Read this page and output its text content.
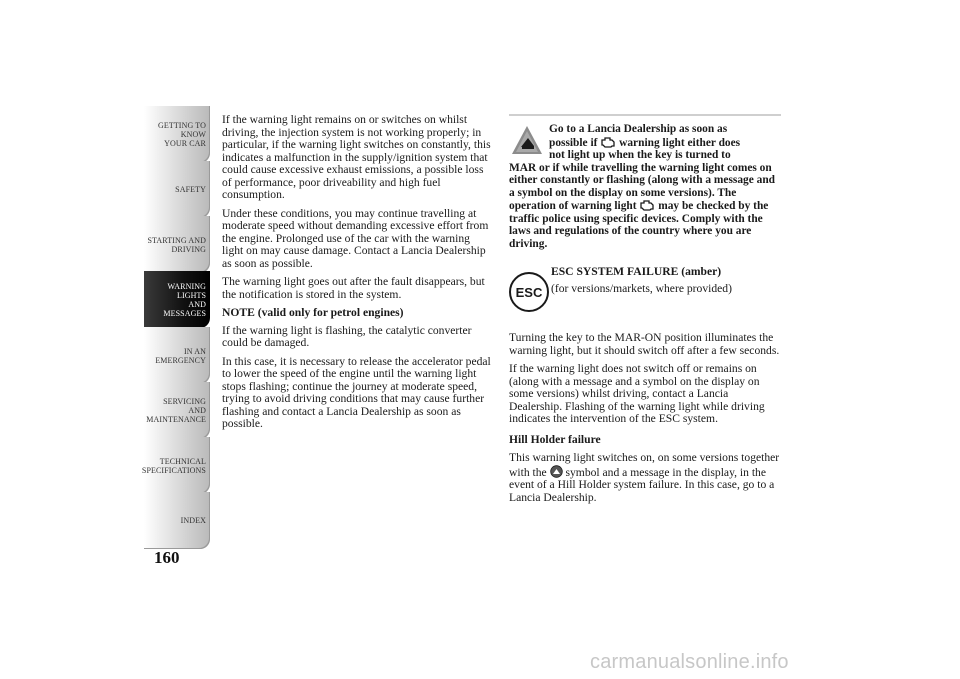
GETTING TO KNOW
YOUR CAR
SAFETY
STARTING AND
DRIVING
WARNING LIGHTS
AND MESSAGES
IN AN EMERGENCY
SERVICING AND
MAINTENANCE
TECHNICAL
SPECIFICATIONS
INDEX
160

If the warning light remains on or switches on whilst driving, the injection system is not working properly; in particular, if the warning light switches on constantly, this indicates a malfunction in the supply/ignition system that could cause excessive exhaust emissions, a possible loss of performance, poor driveability and high fuel consumption.

Under these conditions, you may continue travelling at moderate speed without demanding excessive effort from the engine. Prolonged use of the car with the warning light on may cause damage. Contact a Lancia Dealership as soon as possible.

The warning light goes out after the fault disappears, but the notification is stored in the system.

NOTE (valid only for petrol engines)

If the warning light is flashing, the catalytic converter could be damaged.

In this case, it is necessary to release the accelerator pedal to lower the speed of the engine until the warning light stops flashing; continue the journey at moderate speed, trying to avoid driving conditions that may cause further flashing and contact a Lancia Dealership as soon as possible.

Go to a Lancia Dealership as soon as
possible if warning light either does
not light up when the key is turned to
MAR or if while travelling the warning light comes on either constantly or flashing (along with a message and a symbol on the display on some versions). The operation of warning light may be checked by the traffic police using specific devices. Comply with the laws and regulations of the country where you are driving.
ESC
ESC SYSTEM FAILURE (amber)
(for versions/markets, where provided)

Turning the key to the MAR-ON position illuminates the warning light, but it should switch off after a few seconds.

If the warning light does not switch off or remains on (along with a message and a symbol on the display on some versions) whilst driving, contact a Lancia Dealership. Flashing of the warning light while driving indicates the intervention of the ESC system.

Hill Holder failure

This warning light switches on, on some versions together with the symbol and a message in the display, in the event of a Hill Holder system failure. In this case, go to a Lancia Dealership.

carmanualsonline.info
